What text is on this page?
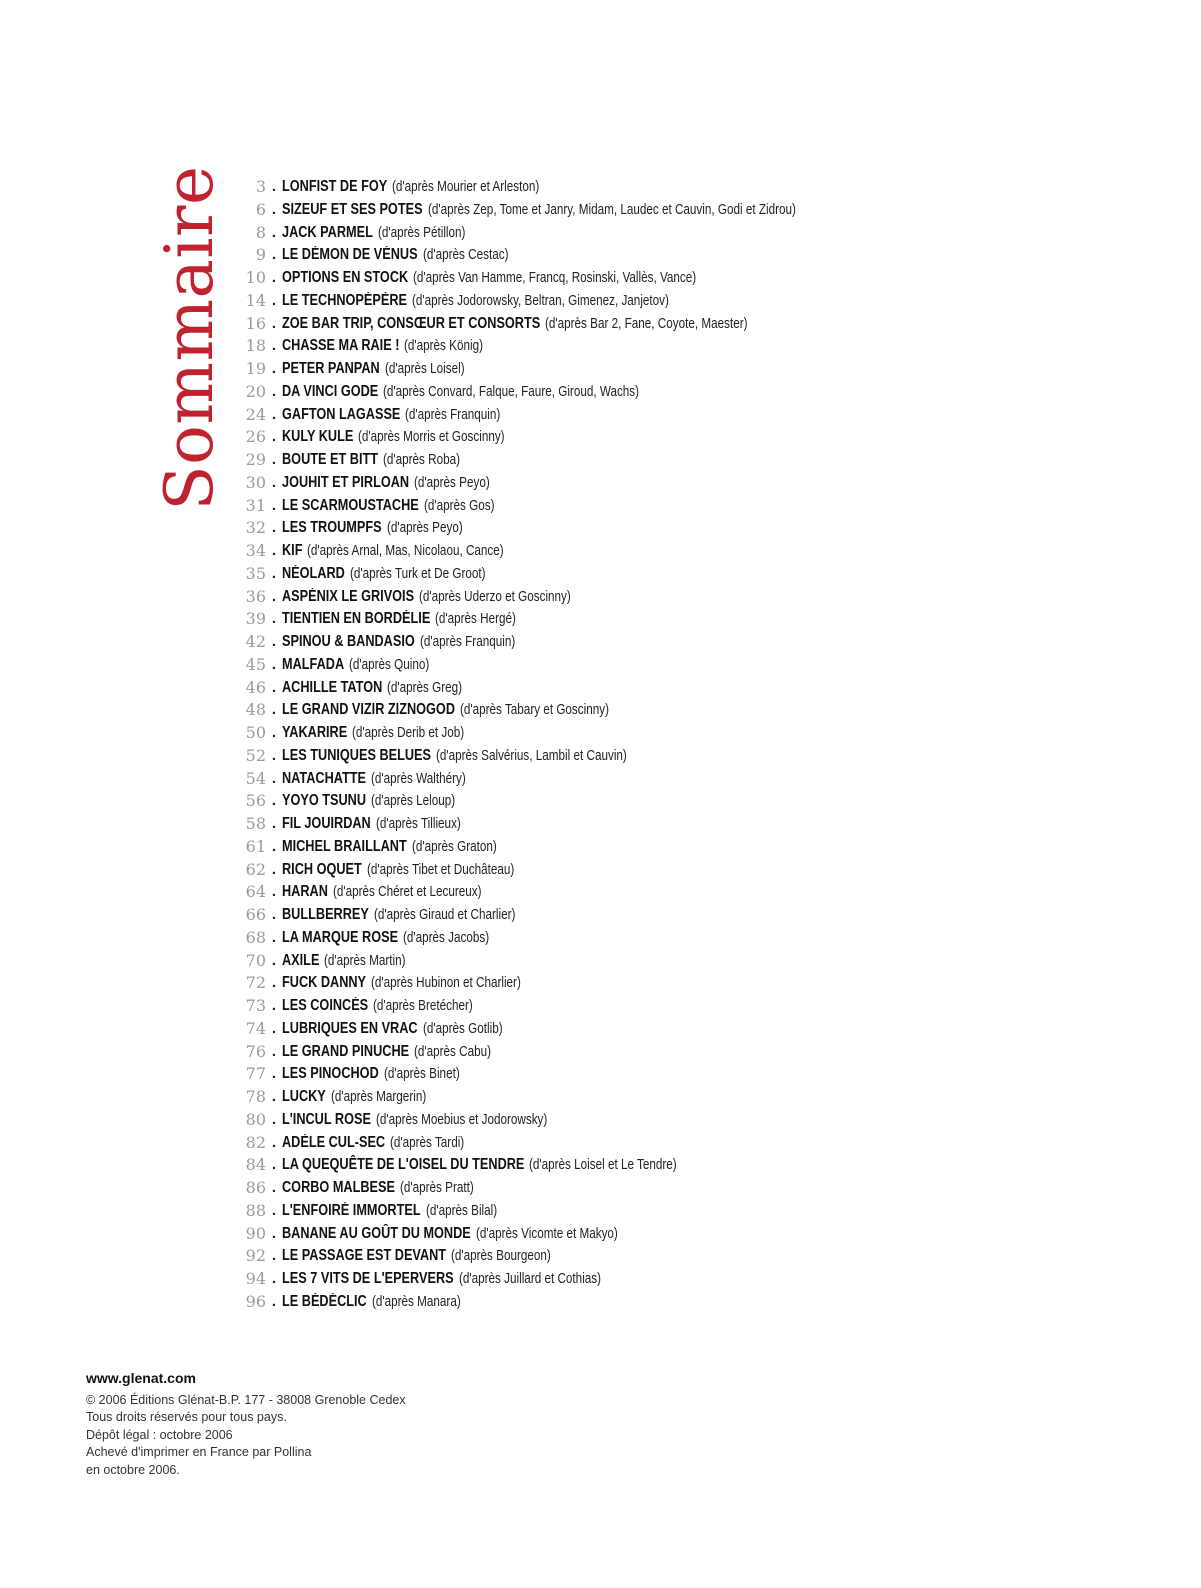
Sommaire	3 . LONFIST DE FOY (d'après Mourier et Arleston)
6 . SIZEUF ET SES POTES (d'après Zep, Tome et Janry, Midam, Laudec et Cauvin, Godi et Zidrou)
8 . JACK PARMEL (d'après Pétillon)
9 . LE DÉMON DE VÉNUS (d'après Cestac)
10 . OPTIONS EN STOCK (d'après Van Hamme, Francq, Rosinski, Vallès, Vance)
14 . LE TECHNOPÉPÈRE (d'après Jodorowsky, Beltran, Gimenez, Janjetov)
16 . ZOE BAR TRIP, CONSŒUR ET CONSORTS (d'après Bar 2, Fane, Coyote, Maester)
18 . CHASSE MA RAIE ! (d'après König)
19 . PETER PANPAN (d'après Loisel)
20 . DA VINCI GODE (d'après Convard, Falque, Faure, Giroud, Wachs)
24 . GAFTON LAGASSE (d'après Franquin)
26 . KULY KULE (d'après Morris et Goscinny)
29 . BOUTE ET BITT (d'après Roba)
30 . JOUHIT ET PIRLOAN (d'après Peyo)
31 . LE SCARMOUSTACHE (d'après Gos)
32 . LES TROUMPFS (d'après Peyo)
34 . KIF (d'après Arnal, Mas, Nicolaou, Cance)
35 . NÉOLARD (d'après Turk et De Groot)
36 . ASPÉNIX LE GRIVOIS (d'après Uderzo et Goscinny)
39 . TIENTIEN EN BORDÉLIE (d'après Hergé)
42 . SPINOU & BANDASIO (d'après Franquin)
45 . MALFADA (d'après Quino)
46 . ACHILLE TATON (d'après Greg)
48 . LE GRAND VIZIR ZIZNOGOD (d'après Tabary et Goscinny)
50 . YAKARIRE (d'après Derib et Job)
52 . LES TUNIQUES BELUES (d'après Salvérius, Lambil et Cauvin)
54 . NATACHATTE (d'après Walthéry)
56 . YOYO TSUNU (d'après Leloup)
58 . FIL JOUIRDAN (d'après Tillieux)
61 . MICHEL BRAILLANT (d'après Graton)
62 . RICH OQUET (d'après Tibet et Duchâteau)
64 . HARAN (d'après Chéret et Lecureux)
66 . BULLBERREY (d'après Giraud et Charlier)
68 . LA MARQUE ROSE (d'après Jacobs)
70 . AXILE (d'après Martin)
72 . FUCK DANNY (d'après Hubinon et Charlier)
73 . LES COINCÉS (d'après Bretécher)
74 . LUBRIQUES EN VRAC (d'après Gotlib)
76 . LE GRAND PINUCHE (d'après Cabu)
77 . LES PINOCHOD (d'après Binet)
78 . LUCKY (d'après Margerin)
80 . L'INCUL ROSE (d'après Moebius et Jodorowsky)
82 . ADÈLE CUL-SEC (d'après Tardi)
84 . LA QUEQUÊTE DE L'OISEL DU TENDRE (d'après Loisel et Le Tendre)
86 . CORBO MALBESE (d'après Pratt)
88 . L'ENFOIRÉ IMMORTEL (d'après Bilal)
90 . BANANE AU GOÛT DU MONDE (d'après Vicomte et Makyo)
92 . LE PASSAGE EST DEVANT (d'après Bourgeon)
94 . LES 7 VITS DE L'EPERVERS (d'après Juillard et Cothias)
96 . LE BÉDÉCLIC (d'après Manara)
www.glenat.com
© 2006 Éditions Glénat-B.P. 177 - 38008 Grenoble Cedex
Tous droits réservés pour tous pays.
Dépôt légal : octobre 2006
Achevé d'imprimer en France par Pollina
en octobre 2006.
